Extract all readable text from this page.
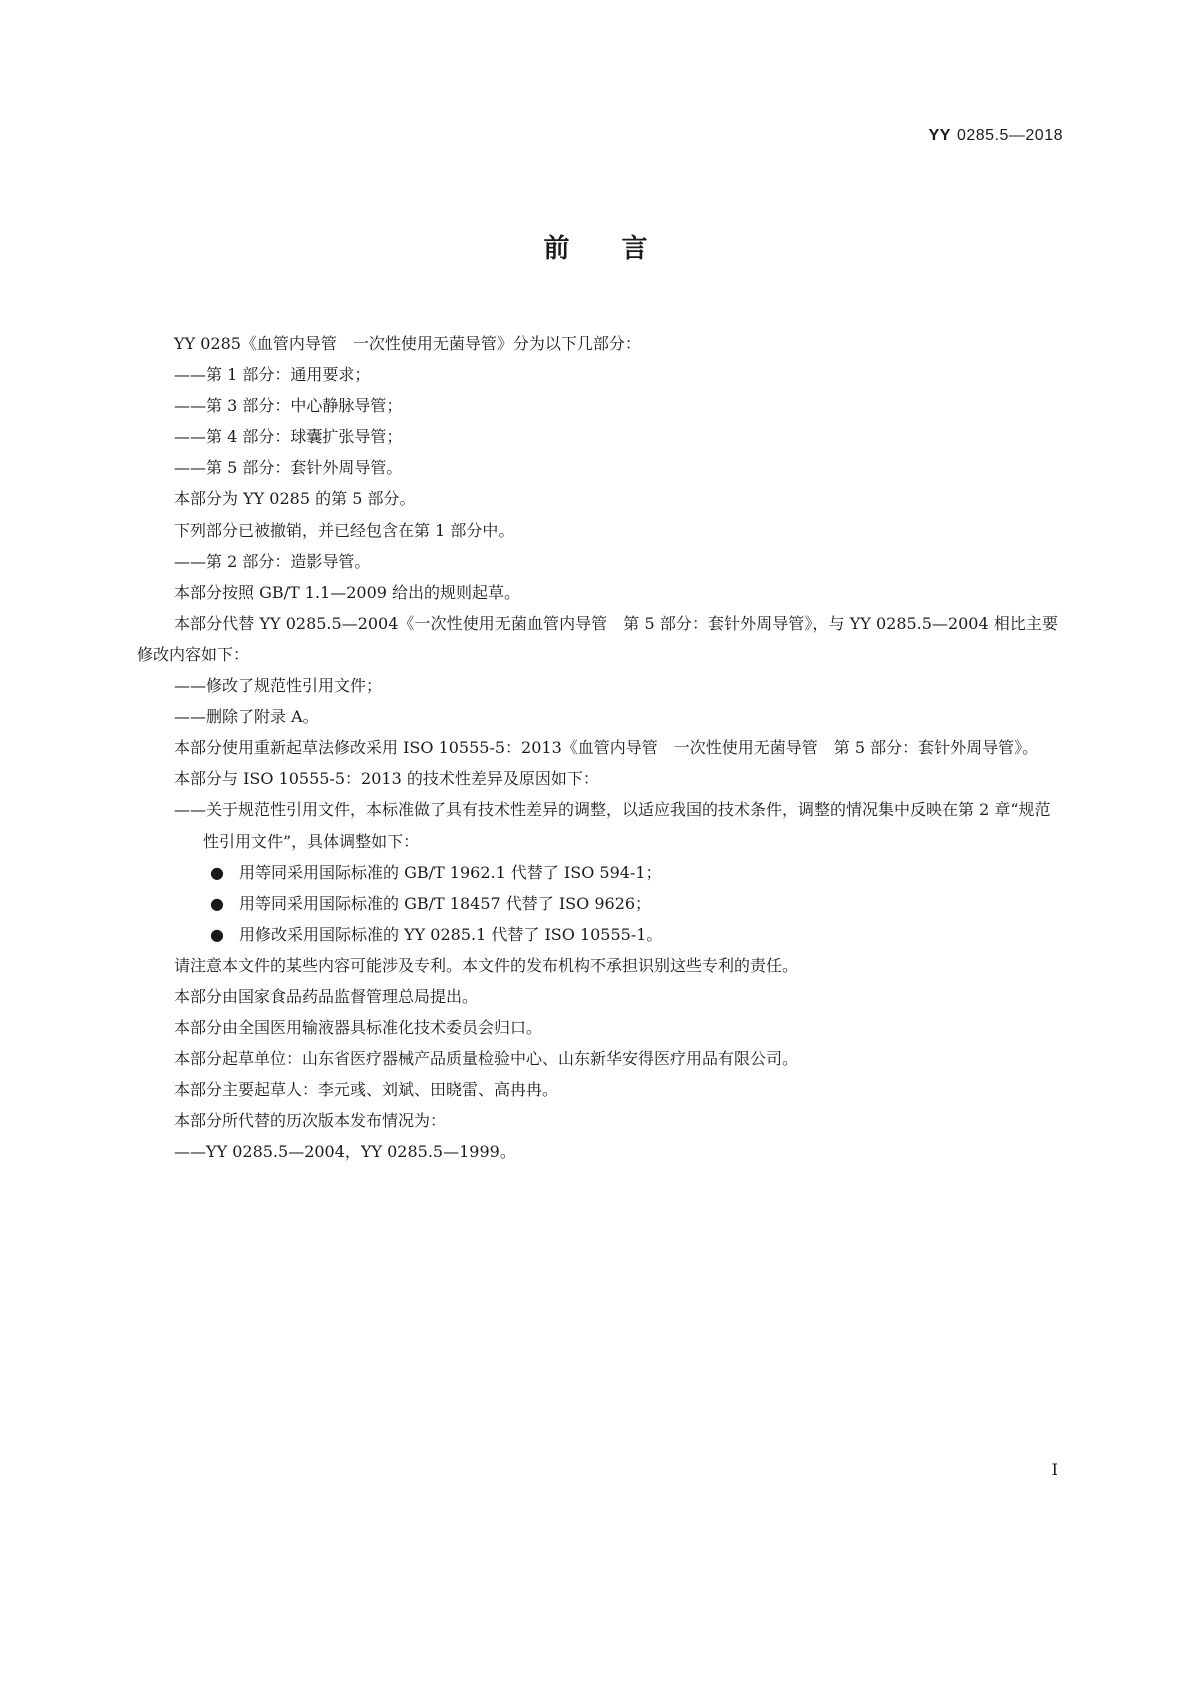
YY 0285.5—2018
前言
YY 0285《血管内导管　一次性使用无菌导管》分为以下几部分：
——第 1 部分：通用要求；
——第 3 部分：中心静脉导管；
——第 4 部分：球囊扩张导管；
——第 5 部分：套针外周导管。
本部分为 YY 0285 的第 5 部分。
下列部分已被撤销，并已经包含在第 1 部分中。
——第 2 部分：造影导管。
本部分按照 GB/T 1.1—2009 给出的规则起草。
本部分代替 YY 0285.5—2004《一次性使用无菌血管内导管　第 5 部分：套针外周导管》，与 YY 0285.5—2004 相比主要修改内容如下：
——修改了规范性引用文件；
——删除了附录 A。
本部分使用重新起草法修改采用 ISO 10555-5：2013《血管内导管　一次性使用无菌导管　第 5 部分：套针外周导管》。
本部分与 ISO 10555-5：2013 的技术性差异及原因如下：
——关于规范性引用文件，本标准做了具有技术性差异的调整，以适应我国的技术条件，调整的情况集中反映在第 2 章“规范性引用文件”，具体调整如下：
● 用等同采用国际标准的 GB/T 1962.1 代替了 ISO 594-1；
● 用等同采用国际标准的 GB/T 18457 代替了 ISO 9626；
● 用修改采用国际标准的 YY 0285.1 代替了 ISO 10555-1。
请注意本文件的某些内容可能涉及专利。本文件的发布机构不承担识别这些专利的责任。
本部分由国家食品药品监督管理总局提出。
本部分由全国医用输液器具标准化技术委员会归口。
本部分起草单位：山东省医疗器械产品质量检验中心、山东新华安得医疗用品有限公司。
本部分主要起草人：李元彧、刘斌、田晓雷、高冉冉。
本部分所代替的历次版本发布情况为：
——YY 0285.5—2004，YY 0285.5—1999。
I
